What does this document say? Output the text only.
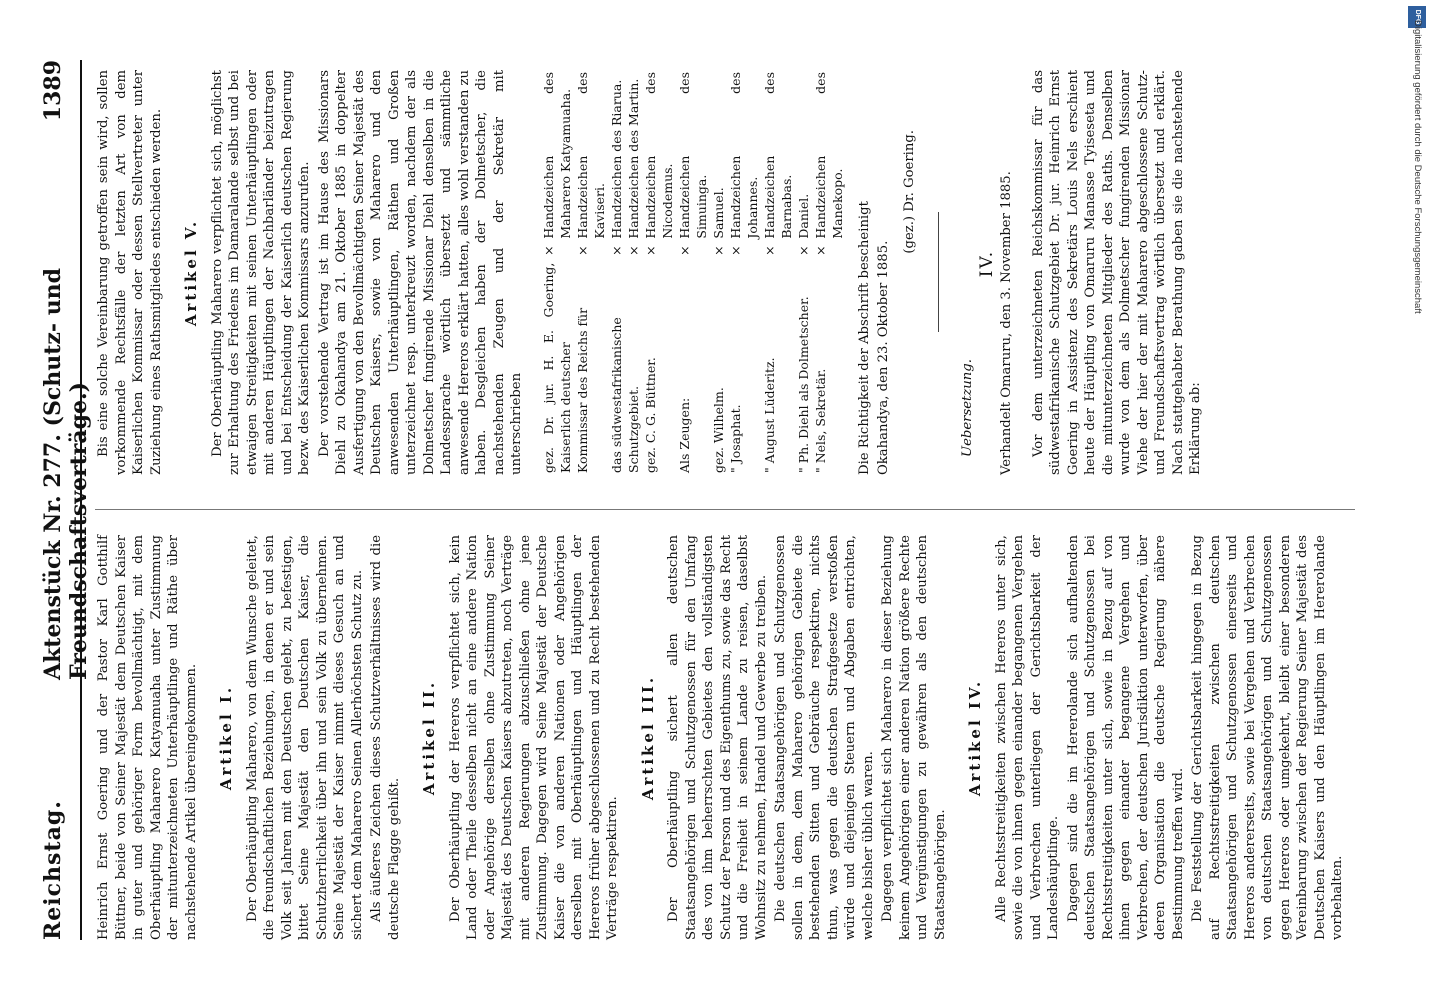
Reichstag.
Aktenstück Nr. 277. (Schutz- und Freundschaftsverträge.)
1389

Heinrich Ernst Goering und der Pastor Karl Gotthilf Büttner, beide von Seiner Majestät dem Deutschen Kaiser in guter und gehöriger Form bevollmächtigt, mit dem Oberhäuptling Maharero Katyamuaha unter Zustimmung der mitunterzeichneten Unterhäuptlinge und Räthe über nachstehende Artikel übereingekommen. Artikel I. Der Oberhäuptling Maharero, von dem Wunsche geleitet, die freundschaftlichen Beziehungen, in denen er und sein Volk seit Jahren mit den Deutschen gelebt, zu befestigen, bittet Seine Majestät den Deutschen Kaiser, die Schutzherrlichkeit über ihn und sein Volk zu übernehmen. Seine Majestät der Kaiser nimmt dieses Gesuch an und sichert dem Maharero Seinen Allerhöchsten Schutz zu. Als äußeres Zeichen dieses Schutzverhältnisses wird die deutsche Flagge gehißt.

Artikel II. Der Oberhäuptling der Hereros verpflichtet sich, kein Land oder Theile desselben nicht an eine andere Nation oder Angehörige derselben ohne Zustimmung Seiner Majestät des Deutschen Kaisers abzutreten, noch Verträge mit anderen Regierungen abzuschließen ohne jene Zustimmung. Dagegen wird Seine Majestät der Deutsche Kaiser die von anderen Nationen oder Angehörigen derselben mit Oberhäuptlingen und Häuptlingen der Hereros früher abgeschlossenen und zu Recht bestehenden Verträge respektiren.

Artikel III. Der Oberhäuptling sichert allen deutschen Staatsangehörigen und Schutzgenossen für den Umfang des von ihm beherrschten Gebietes den vollständigsten Schutz der Person und des Eigenthums zu, sowie das Recht und die Freiheit in seinem Lande zu reisen, daselbst Wohnsitz zu nehmen, Handel und Gewerbe zu treiben. Die deutschen Staatsangehörigen und Schutzgenossen sollen in dem, dem Maharero gehörigen Gebiete die bestehenden Sitten und Gebräuche respektiren, nichts thun, was gegen die deutschen Strafgesetze verstoßen würde und diejenigen Steuern und Abgaben entrichten, welche bisher üblich waren. Dagegen verpflichtet sich Maharero in dieser Beziehung keinem Angehörigen einer anderen Nation größere Rechte und Vergünstigungen zu gewähren als den deutschen Staatsangehörigen.

Artikel IV. Alle Rechtsstreitigkeiten zwischen Hereros unter sich, sowie die von ihnen gegen einander begangenen Vergehen und Verbrechen unterliegen der Gerichtsbarkeit der Landeshäuptlinge. Dagegen sind die im Hererolande sich aufhaltenden deutschen Staatsangehörigen und Schutzgenossen bei Rechtsstreitigkeiten unter sich, sowie in Bezug auf von ihnen gegen einander begangene Vergehen und Verbrechen, der deutschen Jurisdiktion unterworfen, über deren Organisation die deutsche Regierung nähere Bestimmung treffen wird. Die Feststellung der Gerichtsbarkeit hingegen in Bezug auf Rechtsstreitigkeiten zwischen deutschen Staatsangehörigen und Schutzgenossen einerseits und Hereros andererseits, sowie bei Vergehen und Verbrechen von deutschen Staatsangehörigen und Schutzgenossen gegen Hereros oder umgekehrt, bleibt einer besonderen Vereinbarung zwischen der Regierung Seiner Majestät des Deutschen Kaisers und den Häuptlingen im Hererolande vorbehalten.

Bis eine solche Vereinbarung getroffen sein wird, sollen vorkommende Rechtsfälle der letzten Art von dem Kaiserlichen Kommissar oder dessen Stellvertreter unter Zuziehung eines Rathsmitgliedes entschieden werden. Artikel V. Der Oberhäuptling Maharero verpflichtet sich, möglichst zur Erhaltung des Friedens im Damaralande selbst und bei etwaigen Streitigkeiten mit seinen Unterhäuptlingen oder mit anderen Häuptlingen der Nachbarländer beizutragen und bei Entscheidung der Kaiserlich deutschen Regierung bezw. des Kaiserlichen Kommissars anzurufen. Der vorstehende Vertrag ist im Hause des Missionars Diehl zu Okahandya am 21. Oktober 1885 in doppelter Ausfertigung von den Bevollmächtigten Seiner Majestät des Deutschen Kaisers, sowie von Maharero und den anwesenden Unterhäuptlingen, Räthen und Großen unterzeichnet resp. unterkreuzt worden, nachdem der als Dolmetscher fungirende Missionar Diehl denselben in die Landessprache wörtlich übersetzt und sämmtliche anwesende Hereros erklärt hatten, alles wohl verstanden zu haben. Desgleichen haben der Dolmetscher, die nachstehenden Zeugen und der Sekretär mit unterschrieben gez. Dr. jur. H. E. Goering, Kaiserlich deutscher	×	Handzeichen des Maharero Katyamuaha.
Kommissar des Reichs für	×	Handzeichen des Kaviseri.
das südwestafrikanische	×	Handzeichen des Riarua.
Schutzgebiet.	×	Handzeichen des Martin.
gez. C. G. Büttner.	×	Handzeichen des Nicodemus.
Als Zeugen:	×	Handzeichen des Simuinga.
gez. Wilhelm.	×	Samuel.
" Josaphat.	×	Handzeichen des Johannes.
" August Lüderitz.	×	Handzeichen des Barnabas.
" Ph. Diehl als Dolmetscher.	×	Daniel.
" Nels, Sekretär.	×	Handzeichen des Manekopo. Die Richtigkeit der Abschrift bescheinigt Okahandya, den 23. Oktober 1885.

(gez.) Dr. Goering.

Uebersetzung.

IV. Verhandelt Omaruru, den 3. November 1885. Vor dem unterzeichneten Reichskommissar für das südwestafrikanische Schutzgebiet Dr. jur. Heinrich Ernst Goering in Assistenz des Sekretärs Louis Nels erschient heute der Häuptling von Omaruru Manasse Tyiseseta und die mitunterzeichneten Mitglieder des Raths. Denselben wurde von dem als Dolmetscher fungirenden Missionar Viehe der hier der mit Maharero abgeschlossene Schutz- und Freundschaftsvertrag wörtlich übersetzt und erklärt. Nach stattgehabter Berathung gaben sie die nachstehende Erklärung ab:

DFG
Digitalisierung gefördert durch die Deutsche Forschungsgemeinschaft
